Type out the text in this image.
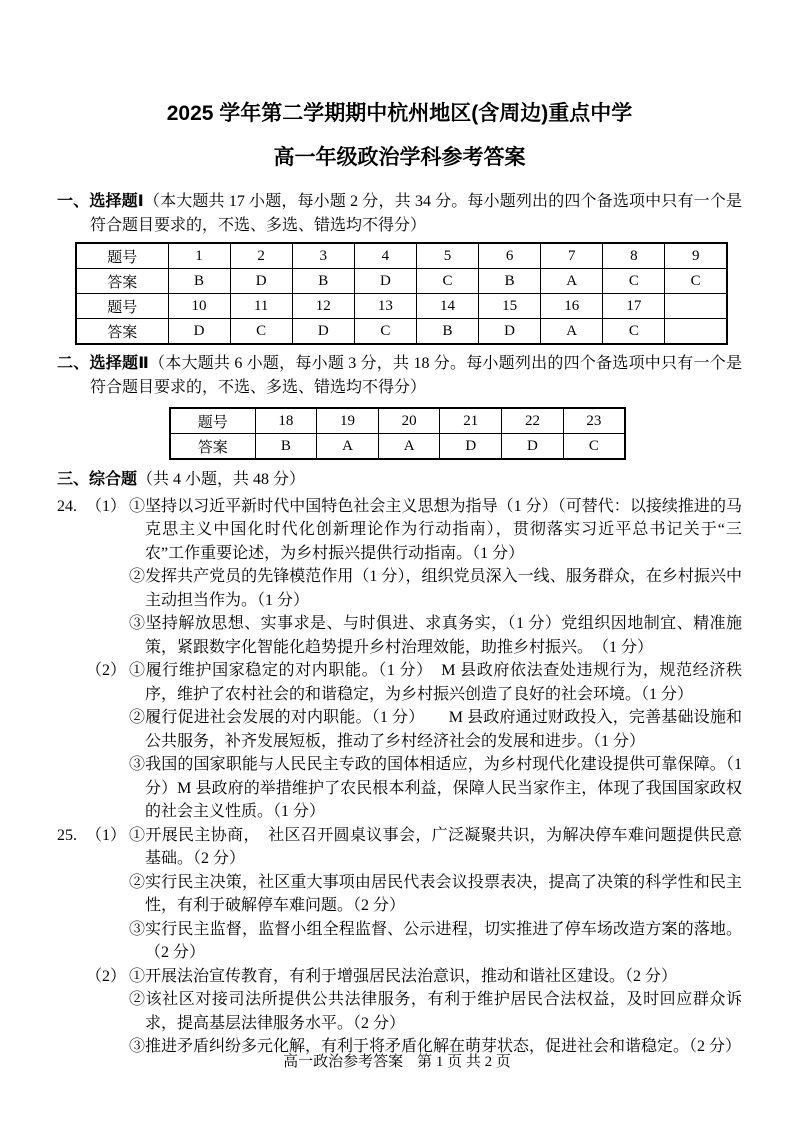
2025 学年第二学期期中杭州地区(含周边)重点中学
高一年级政治学科参考答案

一、选择题Ⅰ（本大题共 17 小题，每小题 2 分，共 34 分。每小题列出的四个备选项中只有一个是符合题目要求的，不选、多选、错选均不得分）

题号	1	2	3	4	5	6	7	8	9
答案	B	D	B	D	C	B	A	C	C
题号	10	11	12	13	14	15	16	17	
答案	D	C	D	C	B	D	A	C	

二、选择题Ⅱ（本大题共 6 小题，每小题 3 分，共 18 分。每小题列出的四个备选项中只有一个是符合题目要求的，不选、多选、错选均不得分）

题号	18	19	20	21	22	23
答案	B	A	A	D	D	C

三、综合题（共 4 小题，共 48 分）

24. （1） ①坚持以习近平新时代中国特色社会主义思想为指导（1 分）（可替代：以接续推进的马克思主义中国化时代化创新理论作为行动指南），贯彻落实习近平总书记关于“三农”工作重要论述，为乡村振兴提供行动指南。（1 分）
②发挥共产党员的先锋模范作用（1 分），组织党员深入一线、服务群众，在乡村振兴中主动担当作为。（1 分）
③坚持解放思想、实事求是、与时俱进、求真务实，（1 分）党组织因地制宜、精准施策，紧跟数字化智能化趋势提升乡村治理效能，助推乡村振兴。　（1 分）
（2） ①履行维护国家稳定的对内职能。（1 分）　M 县政府依法查处违规行为，规范经济秩序，维护了农村社会的和谐稳定，为乡村振兴创造了良好的社会环境。（1 分）
②履行促进社会发展的对内职能。（1 分）　　M 县政府通过财政投入，完善基础设施和公共服务，补齐发展短板，推动了乡村经济社会的发展和进步。（1 分）
③我国的国家职能与人民民主专政的国体相适应，为乡村现代化建设提供可靠保障。（1 分）M 县政府的举措维护了农民根本利益，保障人民当家作主，体现了我国国家政权的社会主义性质。（1 分）
25. （1） ①开展民主协商，　社区召开圆桌议事会，广泛凝聚共识，为解决停车难问题提供民意基础。（2 分）
②实行民主决策，社区重大事项由居民代表会议投票表决，提高了决策的科学性和民主性，有利于破解停车难问题。（2 分）
③实行民主监督，监督小组全程监督、公示进程，切实推进了停车场改造方案的落地。（2 分）
（2） ①开展法治宣传教育，有利于增强居民法治意识，推动和谐社区建设。（2 分）
②该社区对接司法所提供公共法律服务，有利于维护居民合法权益，及时回应群众诉求，提高基层法律服务水平。（2 分）
③推进矛盾纠纷多元化解，有利于将矛盾化解在萌芽状态，促进社会和谐稳定。（2 分）
高一政治参考答案 第 1 页 共 2 页
